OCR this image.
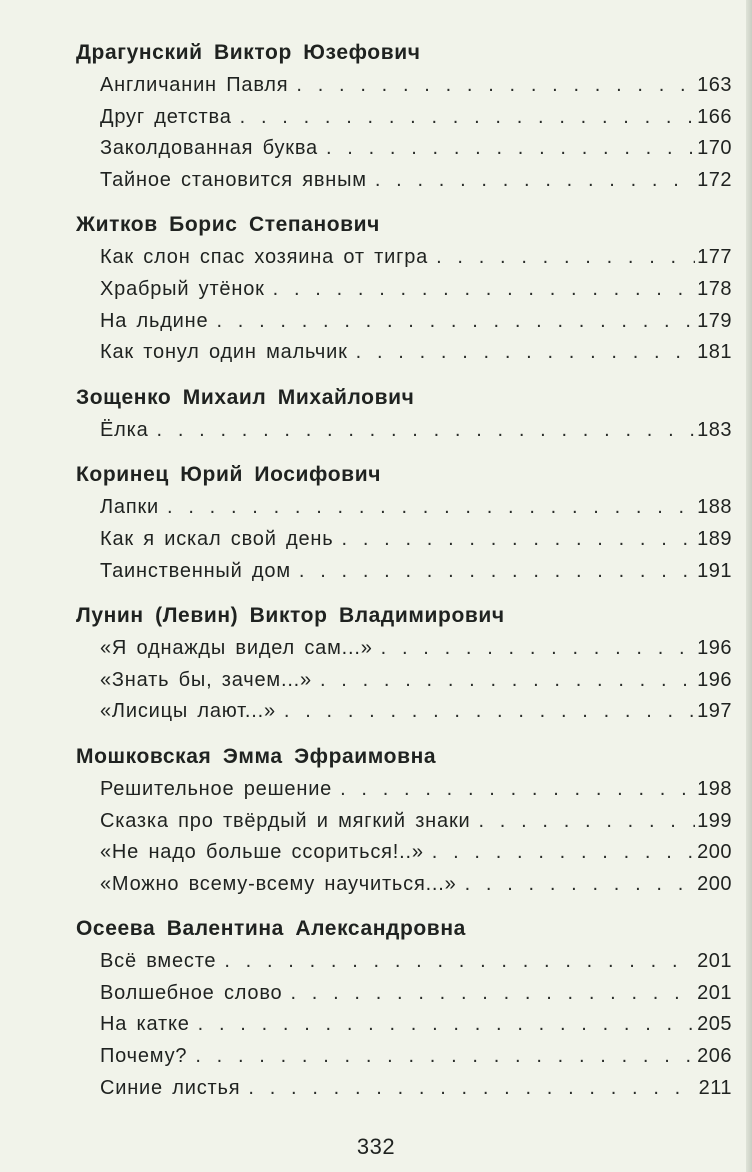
Драгунский Виктор Юзефович
Англичанин Павля . . .	163
Друг детства . . .	166
Заколдованная буква . . .	170
Тайное становится явным . . .	172
Житков Борис Степанович
Как слон спас хозяина от тигра . . .	177
Храбрый утёнок . . .	178
На льдине . . .	179
Как тонул один мальчик . . .	181
Зощенко Михаил Михайлович
Ёлка . . .	183
Коринец Юрий Иосифович
Лапки . . .	188
Как я искал свой день . . .	189
Таинственный дом . . .	191
Лунин (Левин) Виктор Владимирович
«Я однажды видел сам...» . . .	196
«Знать бы, зачем...» . . .	196
«Лисицы лают...» . . .	197
Мошковская Эмма Эфраимовна
Решительное решение . . .	198
Сказка про твёрдый и мягкий знаки . . .	199
«Не надо больше ссориться!..» . . .	200
«Можно всему-всему научиться...» . . .	200
Осеева Валентина Александровна
Всё вместе . . .	201
Волшебное слово . . .	201
На катке . . .	205
Почему? . . .	206
Синие листья . . .	211
332
